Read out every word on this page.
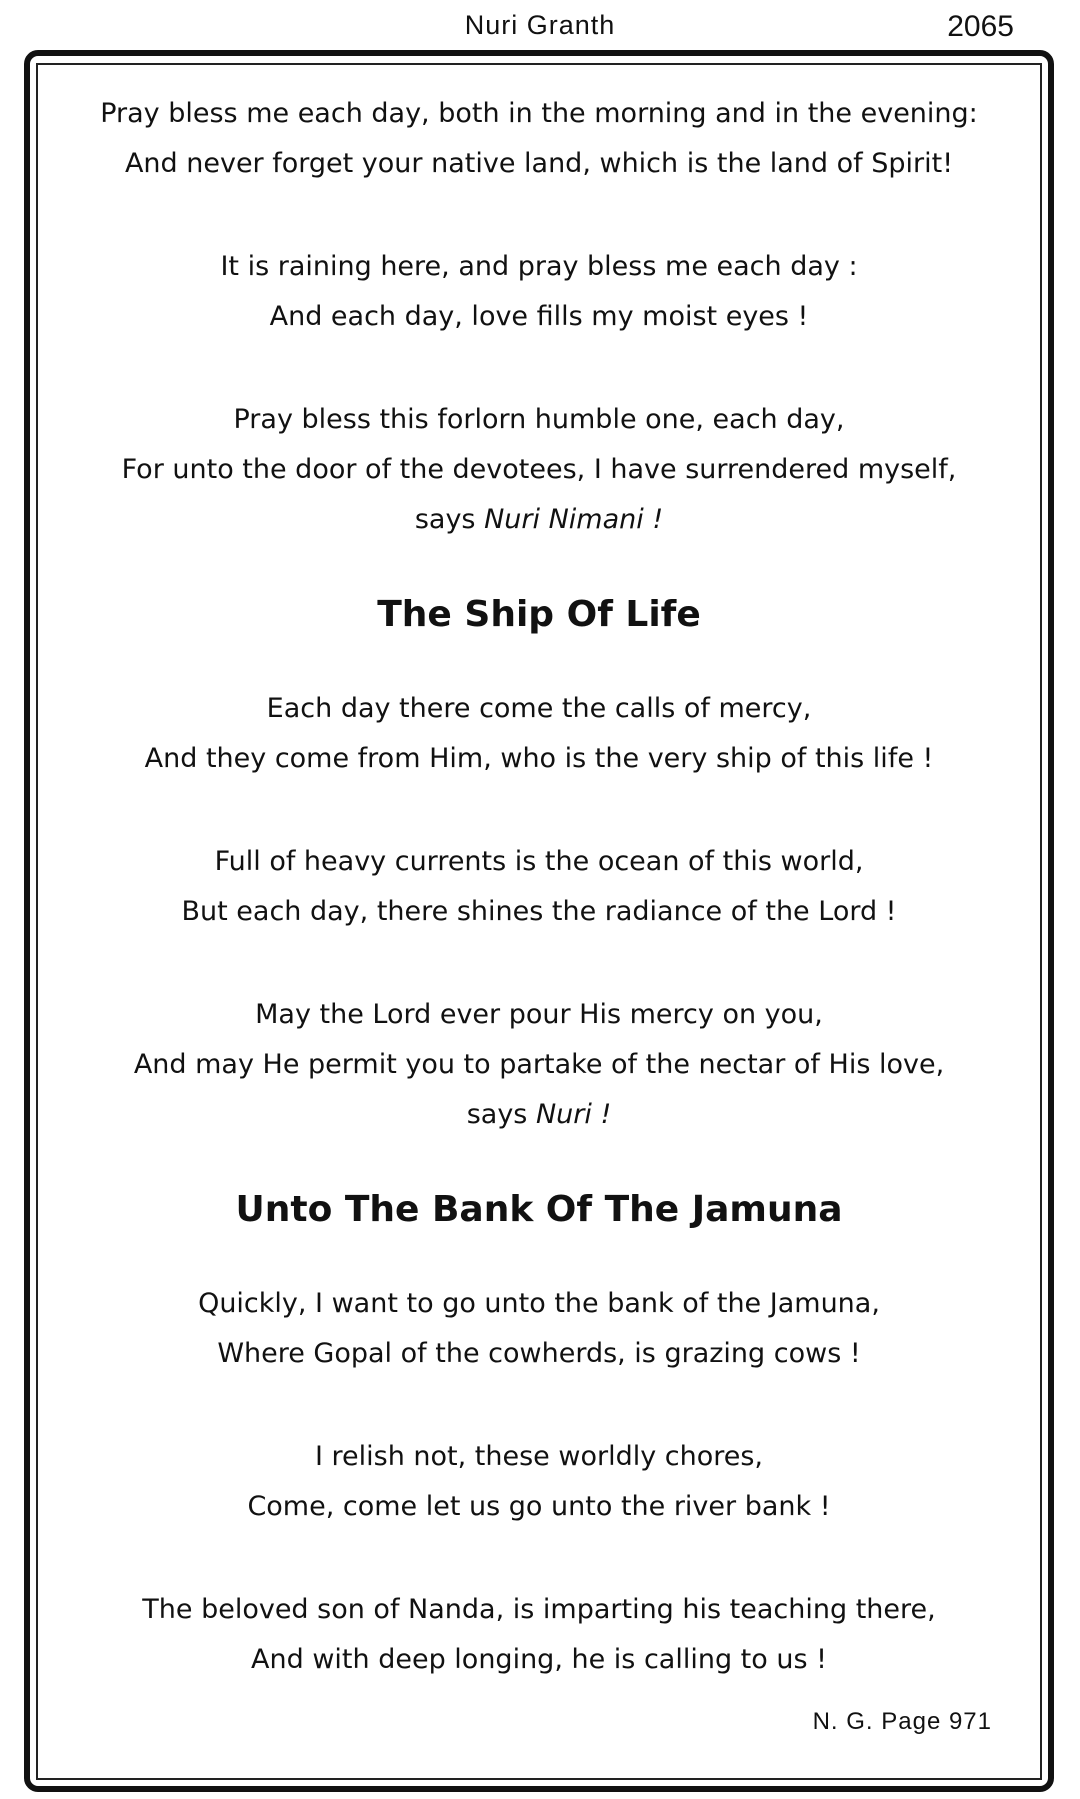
Nuri Granth	2065
Pray bless me each day, both in the morning and in the evening:
And never forget your native land, which is the land of Spirit!
It is raining here, and pray bless me each day :
And each day, love fills my moist eyes !
Pray bless this forlorn humble one, each day,
For unto the door of the devotees, I have surrendered myself,
says Nuri Nimani !
The Ship Of Life
Each day there come the calls of mercy,
And they come from Him, who is the very ship of this life !
Full of heavy currents is the ocean of this world,
But each day, there shines the radiance of the Lord !
May the Lord ever pour His mercy on you,
And may He permit you to partake of the nectar of His love,
says Nuri !
Unto The Bank Of The Jamuna
Quickly, I want to go unto the bank of the Jamuna,
Where Gopal of the cowherds, is grazing cows !
I relish not, these worldly chores,
Come, come let us go unto the river bank !
The beloved son of Nanda, is imparting his teaching there,
And with deep longing, he is calling to us !
N. G. Page 971
